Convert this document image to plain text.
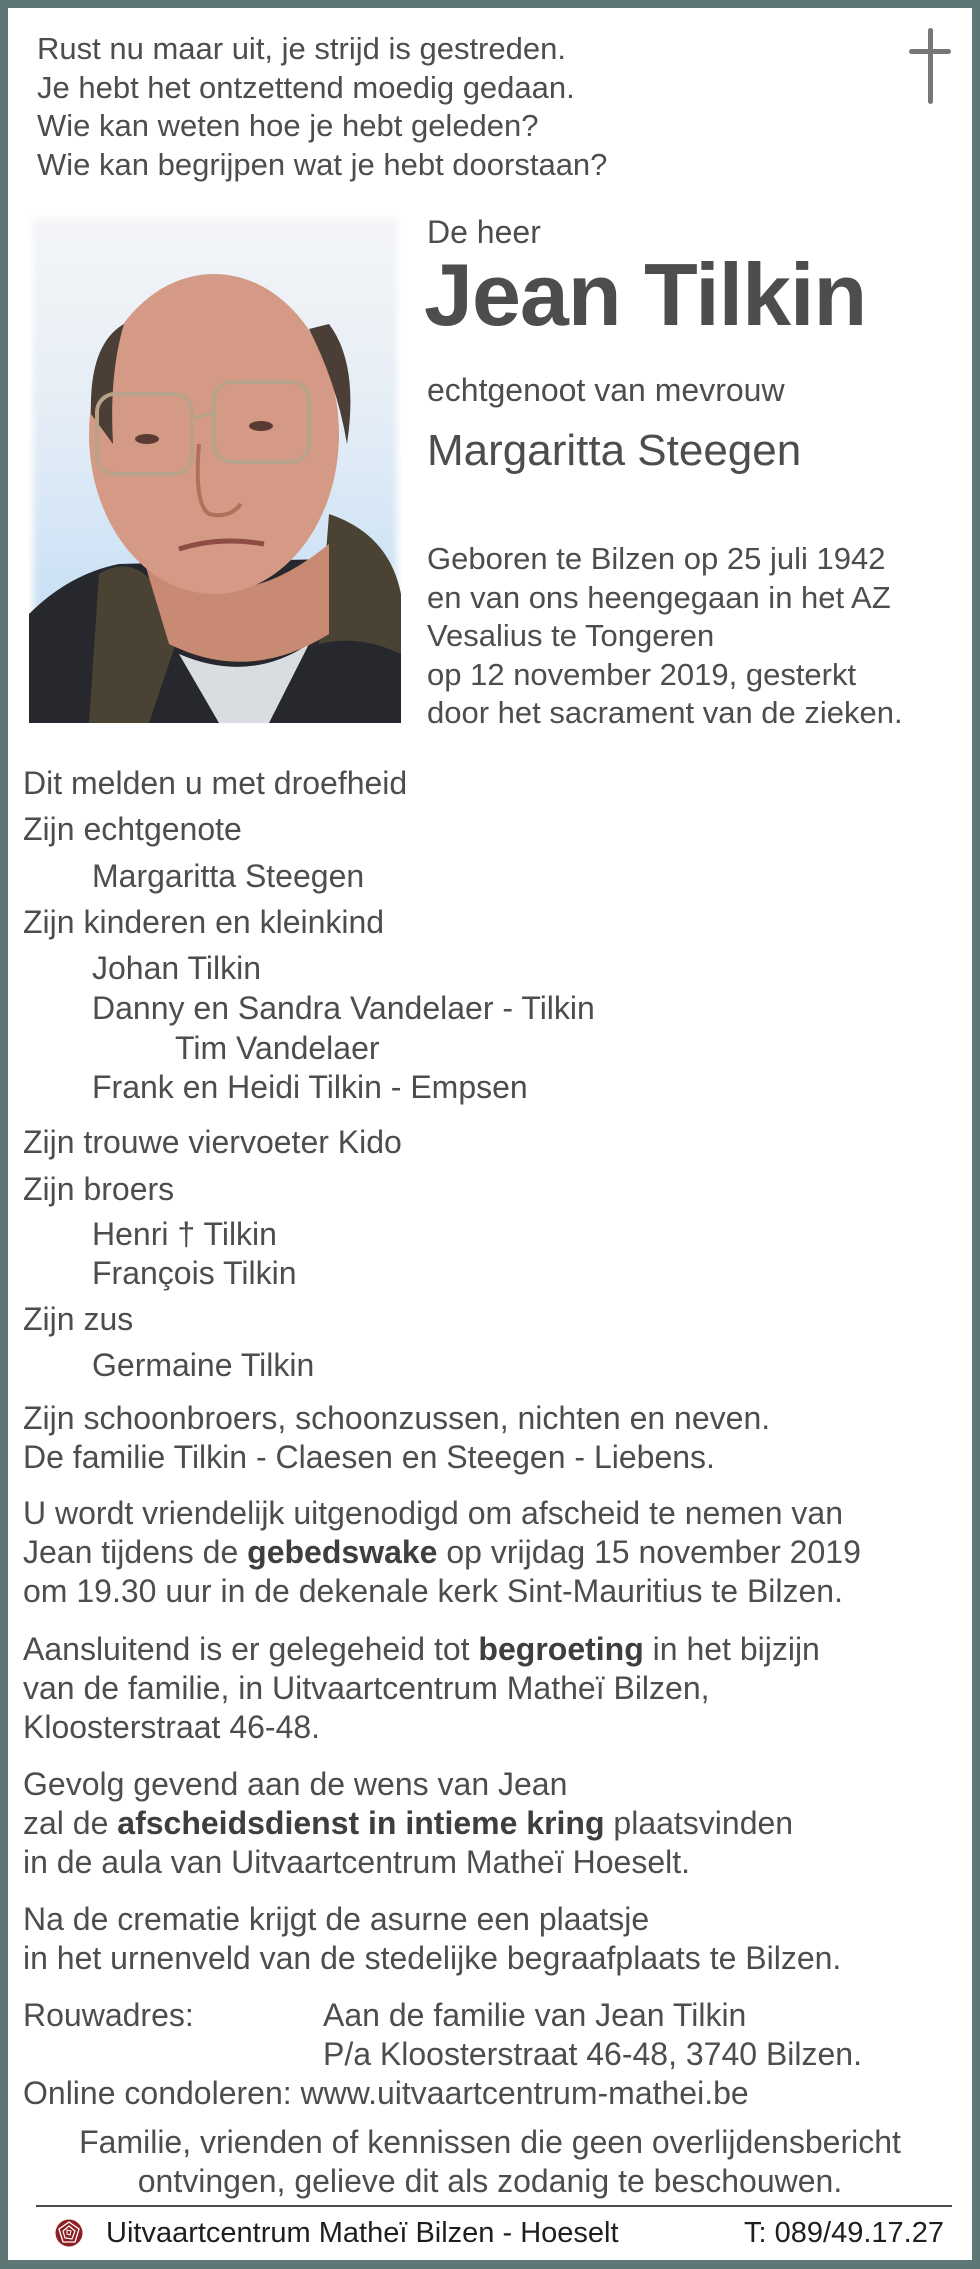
Rust nu maar uit, je strijd is gestreden.
Je hebt het ontzettend moedig gedaan.
Wie kan weten hoe je hebt geleden?
Wie kan begrijpen wat je hebt doorstaan?
De heer
Jean Tilkin
echtgenoot van mevrouw
Margaritta Steegen
Geboren te Bilzen op 25 juli 1942
en van ons heengegaan in het AZ
Vesalius te Tongeren
op 12 november 2019, gesterkt
door het sacrament van de zieken.
Dit melden u met droefheid
Zijn echtgenote
Margaritta Steegen
Zijn kinderen en kleinkind
Johan Tilkin
Danny en Sandra Vandelaer - Tilkin
Tim Vandelaer
Frank en Heidi Tilkin - Empsen
Zijn trouwe viervoeter Kido
Zijn broers
Henri † Tilkin
François Tilkin
Zijn zus
Germaine Tilkin
Zijn schoonbroers, schoonzussen, nichten en neven.
De familie Tilkin - Claesen en Steegen - Liebens.
U wordt vriendelijk uitgenodigd om afscheid te nemen van
Jean tijdens de gebedswake op vrijdag 15 november 2019
om 19.30 uur in de dekenale kerk Sint-Mauritius te Bilzen.
Aansluitend is er gelegeheid tot begroeting in het bijzijn
van de familie, in Uitvaartcentrum Matheï Bilzen,
Kloosterstraat 46-48.
Gevolg gevend aan de wens van Jean
zal de afscheidsdienst in intieme kring plaatsvinden
in de aula van Uitvaartcentrum Matheï Hoeselt.
Na de crematie krijgt de asurne een plaatsje
in het urnenveld van de stedelijke begraafplaats te Bilzen.
Rouwadres:	Aan de familie van Jean Tilkin
P/a Kloosterstraat 46-48, 3740 Bilzen.
Online condoleren: www.uitvaartcentrum-mathei.be
Familie, vrienden of kennissen die geen overlijdensbericht
ontvingen, gelieve dit als zodanig te beschouwen.
Uitvaartcentrum Matheï Bilzen - Hoeselt	T: 089/49.17.27
